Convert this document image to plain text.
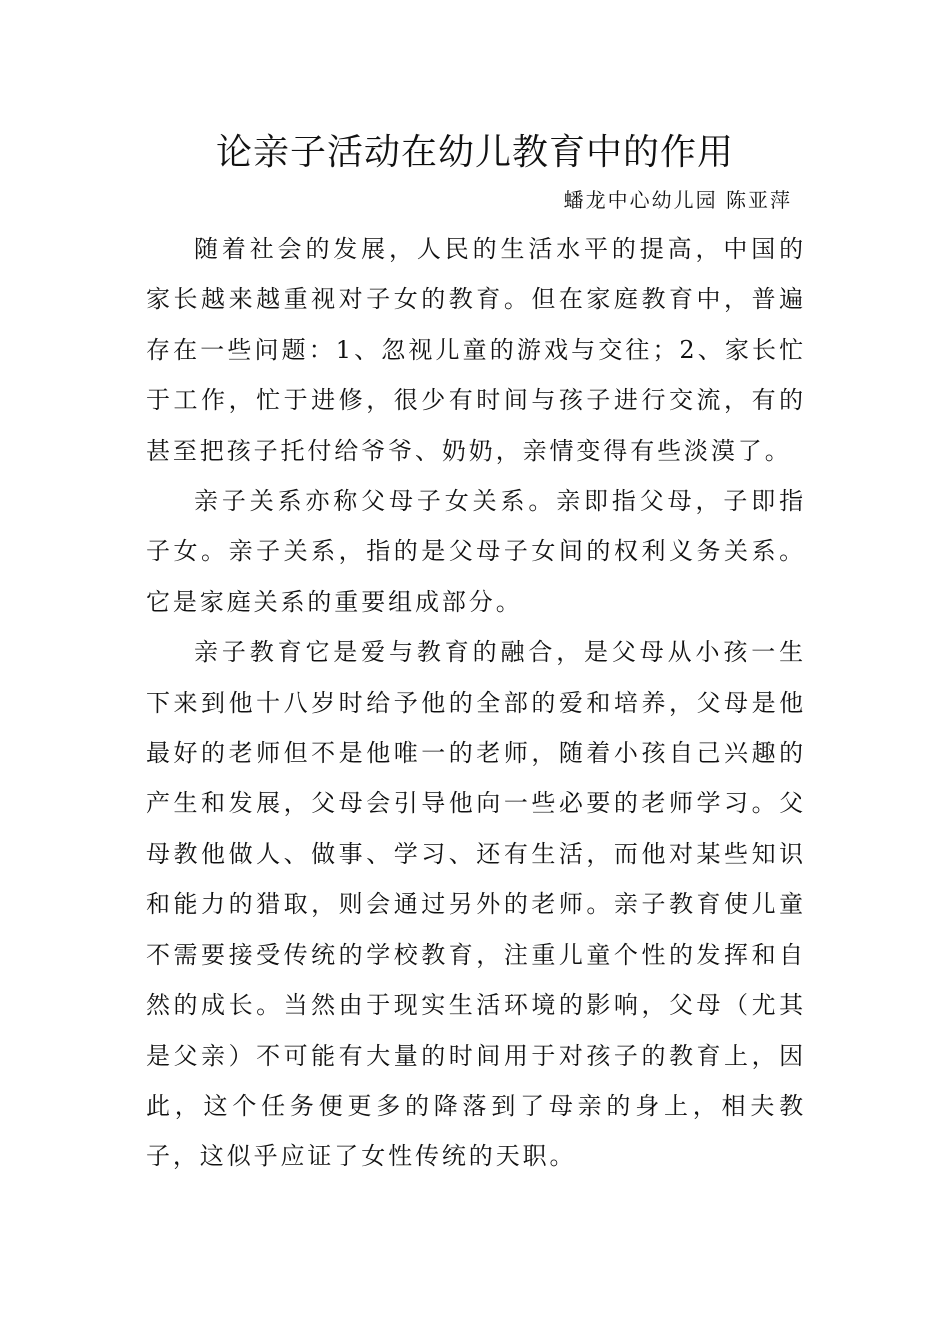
论亲子活动在幼儿教育中的作用

蟠龙中心幼儿园 陈亚萍

随着社会的发展，人民的生活水平的提高，中国的家长越来越重视对子女的教育。但在家庭教育中，普遍存在一些问题：1、忽视儿童的游戏与交往；2、家长忙于工作，忙于进修，很少有时间与孩子进行交流，有的甚至把孩子托付给爷爷、奶奶，亲情变得有些淡漠了。

亲子关系亦称父母子女关系。亲即指父母，子即指子女。亲子关系，指的是父母子女间的权利义务关系。它是家庭关系的重要组成部分。

亲子教育它是爱与教育的融合，是父母从小孩一生下来到他十八岁时给予他的全部的爱和培养，父母是他最好的老师但不是他唯一的老师，随着小孩自己兴趣的产生和发展，父母会引导他向一些必要的老师学习。父母教他做人、做事、学习、还有生活，而他对某些知识和能力的猎取，则会通过另外的老师。亲子教育使儿童不需要接受传统的学校教育，注重儿童个性的发挥和自然的成长。当然由于现实生活环境的影响，父母（尤其是父亲）不可能有大量的时间用于对孩子的教育上，因此，这个任务便更多的降落到了母亲的身上，相夫教子，这似乎应证了女性传统的天职。
